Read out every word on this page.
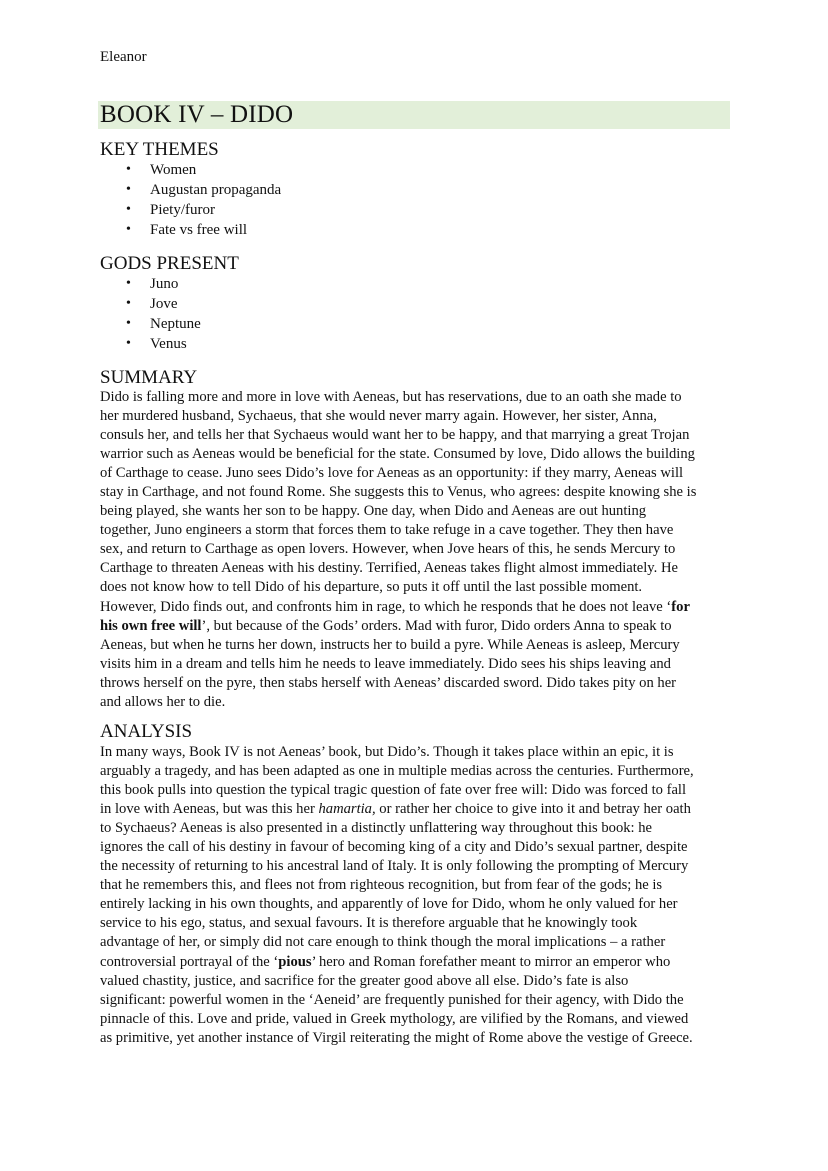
Eleanor
BOOK IV – DIDO
KEY THEMES
• Women
• Augustan propaganda
• Piety/furor
• Fate vs free will
GODS PRESENT
• Juno
• Jove
• Neptune
• Venus
SUMMARY
Dido is falling more and more in love with Aeneas, but has reservations, due to an oath she made to
her murdered husband, Sychaeus, that she would never marry again. However, her sister, Anna,
consuls her, and tells her that Sychaeus would want her to be happy, and that marrying a great Trojan
warrior such as Aeneas would be beneficial for the state. Consumed by love, Dido allows the building
of Carthage to cease. Juno sees Dido’s love for Aeneas as an opportunity: if they marry, Aeneas will
stay in Carthage, and not found Rome. She suggests this to Venus, who agrees: despite knowing she is
being played, she wants her son to be happy. One day, when Dido and Aeneas are out hunting
together, Juno engineers a storm that forces them to take refuge in a cave together. They then have
sex, and return to Carthage as open lovers. However, when Jove hears of this, he sends Mercury to
Carthage to threaten Aeneas with his destiny. Terrified, Aeneas takes flight almost immediately. He
does not know how to tell Dido of his departure, so puts it off until the last possible moment.
However, Dido finds out, and confronts him in rage, to which he responds that he does not leave ‘for
his own free will’, but because of the Gods’ orders. Mad with furor, Dido orders Anna to speak to
Aeneas, but when he turns her down, instructs her to build a pyre. While Aeneas is asleep, Mercury
visits him in a dream and tells him he needs to leave immediately. Dido sees his ships leaving and
throws herself on the pyre, then stabs herself with Aeneas’ discarded sword. Dido takes pity on her
and allows her to die.
ANALYSIS
In many ways, Book IV is not Aeneas’ book, but Dido’s. Though it takes place within an epic, it is
arguably a tragedy, and has been adapted as one in multiple medias across the centuries. Furthermore,
this book pulls into question the typical tragic question of fate over free will: Dido was forced to fall
in love with Aeneas, but was this her hamartia, or rather her choice to give into it and betray her oath
to Sychaeus? Aeneas is also presented in a distinctly unflattering way throughout this book: he
ignores the call of his destiny in favour of becoming king of a city and Dido’s sexual partner, despite
the necessity of returning to his ancestral land of Italy. It is only following the prompting of Mercury
that he remembers this, and flees not from righteous recognition, but from fear of the gods; he is
entirely lacking in his own thoughts, and apparently of love for Dido, whom he only valued for her
service to his ego, status, and sexual favours. It is therefore arguable that he knowingly took
advantage of her, or simply did not care enough to think though the moral implications – a rather
controversial portrayal of the ‘pious’ hero and Roman forefather meant to mirror an emperor who
valued chastity, justice, and sacrifice for the greater good above all else. Dido’s fate is also
significant: powerful women in the ‘Aeneid’ are frequently punished for their agency, with Dido the
pinnacle of this. Love and pride, valued in Greek mythology, are vilified by the Romans, and viewed
as primitive, yet another instance of Virgil reiterating the might of Rome above the vestige of Greece.
